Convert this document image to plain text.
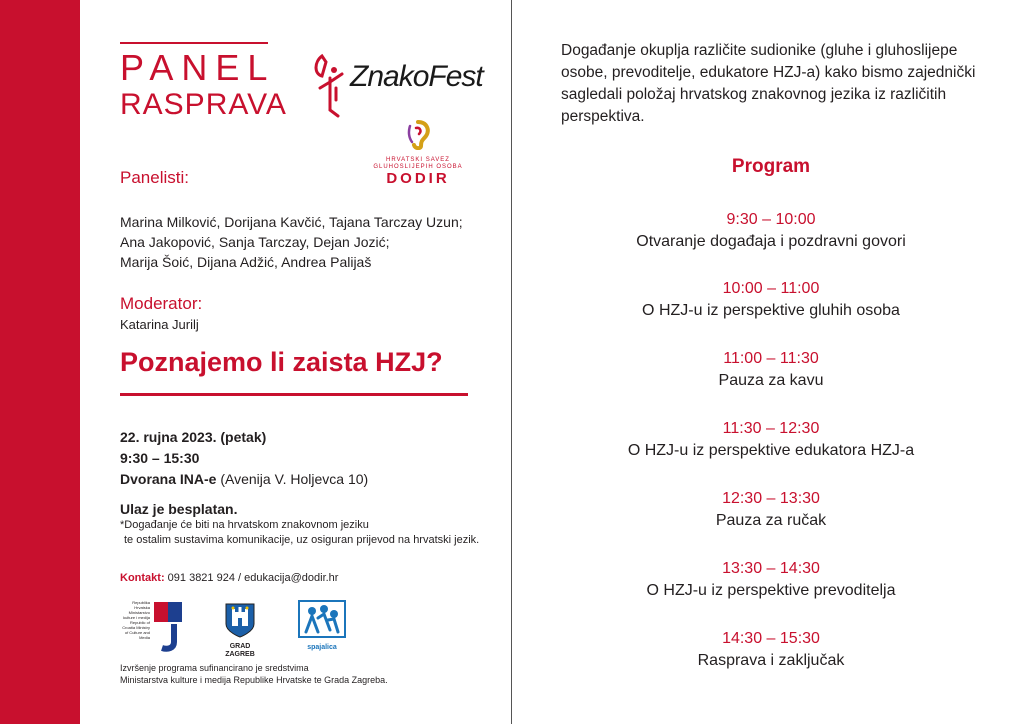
PANEL
RASPRAVA
ZnakoFest
HRVATSKI SAVEZ GLUHOSLIJEPIH OSOBA
DODIR
Panelisti:
Marina Milković, Dorijana Kavčić, Tajana Tarczay Uzun;
Ana Jakopović, Sanja Tarczay, Dejan Jozić;
Marija Šoić, Dijana Adžić, Andrea Palijaš
Moderator:
Katarina Jurilj
Poznajemo li zaista HZJ?
22. rujna 2023. (petak)
9:30 – 15:30
Dvorana INA-e (Avenija V. Holjevca 10)
Ulaz je besplatan.
*Događanje će biti na hrvatskom znakovnom jeziku
te ostalim sustavima komunikacije, uz osiguran prijevod na hrvatski jezik.
Kontakt: 091 3821 924 / edukacija@dodir.hr
Republika Hrvatska Ministarstvo kulture i medija Republic of Croatia Ministry of Culture and Media
GRAD ZAGREB
spajalica
Izvršenje programa sufinancirano je sredstvima
Ministarstva kulture i medija Republike Hrvatske te Grada Zagreba.
Događanje okuplja različite sudionike (gluhe i gluhoslijepe osobe, prevoditelje, edukatore HZJ-a) kako bismo zajednički sagledali položaj hrvatskog znakovnog jezika iz različitih perspektiva.
Program
9:30 – 10:00
Otvaranje događaja i pozdravni govori
10:00 – 11:00
O HZJ-u iz perspektive gluhih osoba
11:00 – 11:30
Pauza za kavu
11:30 – 12:30
O HZJ-u iz perspektive edukatora HZJ-a
12:30 – 13:30
Pauza za ručak
13:30 – 14:30
O HZJ-u iz perspektive prevoditelja
14:30 – 15:30
Rasprava i zaključak
